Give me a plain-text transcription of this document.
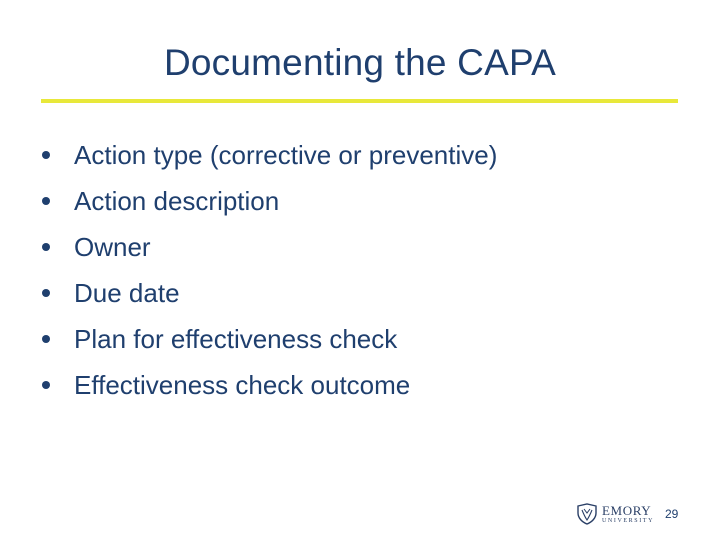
Documenting the CAPA
Action type (corrective or preventive)
Action description
Owner
Due date
Plan for effectiveness check
Effectiveness check outcome
EMORY
UNIVERSITY 29
